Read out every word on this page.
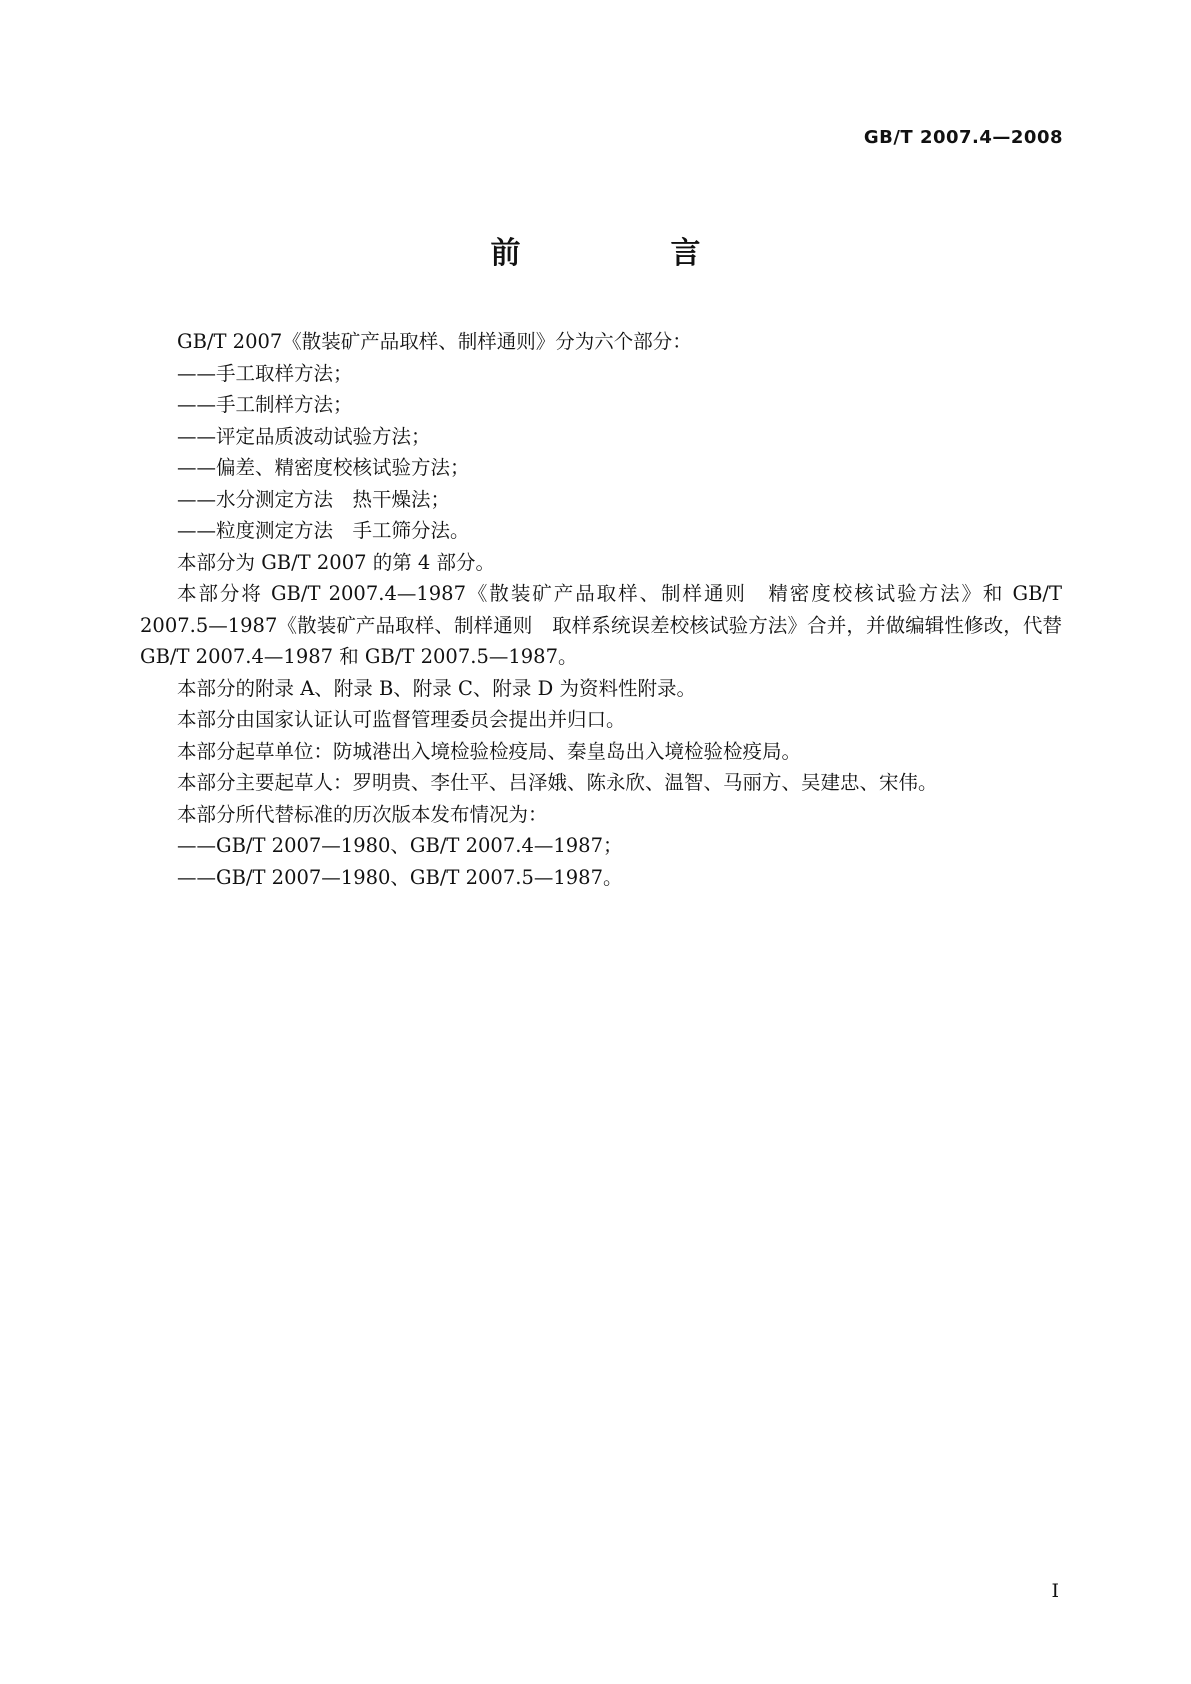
GB/T 2007.4—2008
前　言

GB/T 2007《散装矿产品取样、制样通则》分为六个部分：

——手工取样方法；

——手工制样方法；

——评定品质波动试验方法；

——偏差、精密度校核试验方法；

——水分测定方法　热干燥法；

——粒度测定方法　手工筛分法。

本部分为 GB/T 2007 的第 4 部分。

本部分将 GB/T 2007.4—1987《散装矿产品取样、制样通则　精密度校核试验方法》和 GB/T 2007.5—1987《散装矿产品取样、制样通则　取样系统误差校核试验方法》合并，并做编辑性修改，代替 GB/T 2007.4—1987 和 GB/T 2007.5—1987。

本部分的附录 A、附录 B、附录 C、附录 D 为资料性附录。

本部分由国家认证认可监督管理委员会提出并归口。

本部分起草单位：防城港出入境检验检疫局、秦皇岛出入境检验检疫局。

本部分主要起草人：罗明贵、李仕平、吕泽娥、陈永欣、温智、马丽方、吴建忠、宋伟。

本部分所代替标准的历次版本发布情况为：

——GB/T 2007—1980、GB/T 2007.4—1987；

——GB/T 2007—1980、GB/T 2007.5—1987。

I
